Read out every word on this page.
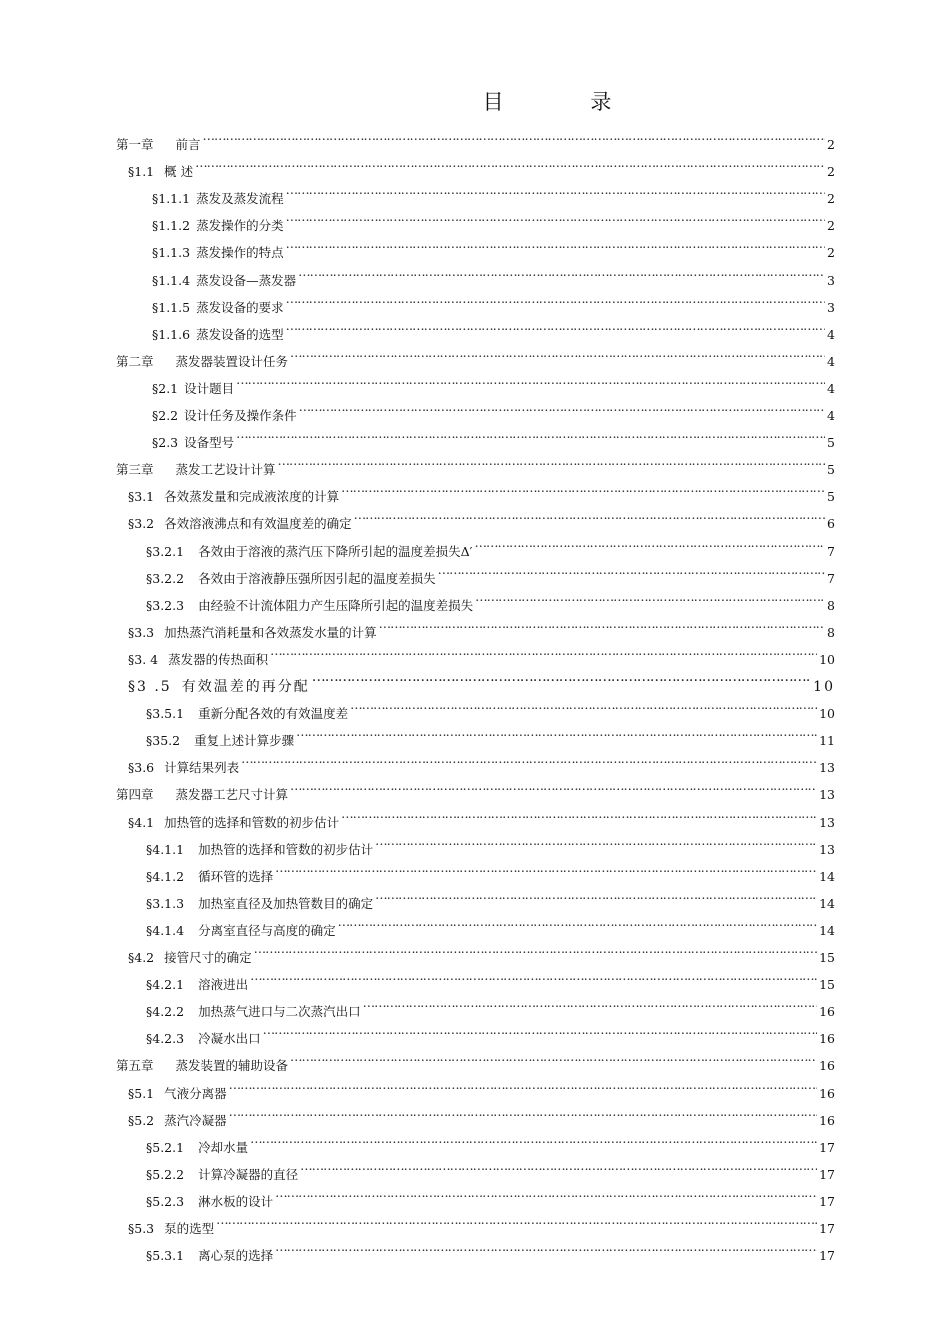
目 录
第一章 前言 ……………………………………………………………………………………………………………………………………………………………………………………………………………………………………………………………	2
§1.1 概 述 ……………………………………………………………………………………………………………………………………………………………………………………………………………………………………………………………	2
§1.1.1 蒸发及蒸发流程 ……………………………………………………………………………………………………………………………………………………………………………………………………………………………………………………………	2
§1.1.2 蒸发操作的分类 ……………………………………………………………………………………………………………………………………………………………………………………………………………………………………………………………	2
§1.1.3 蒸发操作的特点 ……………………………………………………………………………………………………………………………………………………………………………………………………………………………………………………………	2
§1.1.4 蒸发设备—蒸发器 ……………………………………………………………………………………………………………………………………………………………………………………………………………………………………………………………	3
§1.1.5 蒸发设备的要求 ……………………………………………………………………………………………………………………………………………………………………………………………………………………………………………………………	3
§1.1.6 蒸发设备的选型 ……………………………………………………………………………………………………………………………………………………………………………………………………………………………………………………………	4
第二章 蒸发器装置设计任务 ……………………………………………………………………………………………………………………………………………………………………………………………………………………………………………………………	4
§2.1 设计题目 ……………………………………………………………………………………………………………………………………………………………………………………………………………………………………………………………	4
§2.2 设计任务及操作条件 ……………………………………………………………………………………………………………………………………………………………………………………………………………………………………………………………	4
§2.3 设备型号 ……………………………………………………………………………………………………………………………………………………………………………………………………………………………………………………………	5
第三章 蒸发工艺设计计算 ……………………………………………………………………………………………………………………………………………………………………………………………………………………………………………………………	5
§3.1 各效蒸发量和完成液浓度的计算 ……………………………………………………………………………………………………………………………………………………………………………………………………………………………………………………………	5
§3.2 各效溶液沸点和有效温度差的确定 ……………………………………………………………………………………………………………………………………………………………………………………………………………………………………………………………	6
§3.2.1 各效由于溶液的蒸汽压下降所引起的温度差损失Δ′ ……………………………………………………………………………………………………………………………………………………………………………………………………………………………………………………………	7
§3.2.2 各效由于溶液静压强所因引起的温度差损失 ……………………………………………………………………………………………………………………………………………………………………………………………………………………………………………………………	7
§3.2.3 由经验不计流体阻力产生压降所引起的温度差损失 ……………………………………………………………………………………………………………………………………………………………………………………………………………………………………………………………	8
§3.3 加热蒸汽消耗量和各效蒸发水量的计算 ……………………………………………………………………………………………………………………………………………………………………………………………………………………………………………………………	8
§3. 4 蒸发器的传热面积 ……………………………………………………………………………………………………………………………………………………………………………………………………………………………………………………………	10
§3 .5 有效温差的再分配 ……………………………………………………………………………………………………………………………………………………………………………………………………………………………………………………………	10
§3.5.1 重新分配各效的有效温度差 ……………………………………………………………………………………………………………………………………………………………………………………………………………………………………………………………	10
§35.2 重复上述计算步骤 ……………………………………………………………………………………………………………………………………………………………………………………………………………………………………………………………	11
§3.6 计算结果列表 ……………………………………………………………………………………………………………………………………………………………………………………………………………………………………………………………	13
第四章 蒸发器工艺尺寸计算 ……………………………………………………………………………………………………………………………………………………………………………………………………………………………………………………………	13
§4.1 加热管的选择和管数的初步估计 ……………………………………………………………………………………………………………………………………………………………………………………………………………………………………………………………	13
§4.1.1 加热管的选择和管数的初步估计 ……………………………………………………………………………………………………………………………………………………………………………………………………………………………………………………………	13
§4.1.2 循环管的选择 ……………………………………………………………………………………………………………………………………………………………………………………………………………………………………………………………	14
§3.1.3 加热室直径及加热管数目的确定 ……………………………………………………………………………………………………………………………………………………………………………………………………………………………………………………………	14
§4.1.4 分离室直径与高度的确定 ……………………………………………………………………………………………………………………………………………………………………………………………………………………………………………………………	14
§4.2 接管尺寸的确定 ……………………………………………………………………………………………………………………………………………………………………………………………………………………………………………………………	15
§4.2.1 溶液进出 ……………………………………………………………………………………………………………………………………………………………………………………………………………………………………………………………	15
§4.2.2 加热蒸气进口与二次蒸汽出口 ……………………………………………………………………………………………………………………………………………………………………………………………………………………………………………………………	16
§4.2.3 冷凝水出口 ……………………………………………………………………………………………………………………………………………………………………………………………………………………………………………………………	16
第五章 蒸发装置的辅助设备 ……………………………………………………………………………………………………………………………………………………………………………………………………………………………………………………………	16
§5.1 气液分离器 ……………………………………………………………………………………………………………………………………………………………………………………………………………………………………………………………	16
§5.2 蒸汽冷凝器 ……………………………………………………………………………………………………………………………………………………………………………………………………………………………………………………………	16
§5.2.1 冷却水量 ……………………………………………………………………………………………………………………………………………………………………………………………………………………………………………………………	17
§5.2.2 计算冷凝器的直径 ……………………………………………………………………………………………………………………………………………………………………………………………………………………………………………………………	17
§5.2.3 淋水板的设计 ……………………………………………………………………………………………………………………………………………………………………………………………………………………………………………………………	17
§5.3 泵的选型 ……………………………………………………………………………………………………………………………………………………………………………………………………………………………………………………………	17
§5.3.1 离心泵的选择 ……………………………………………………………………………………………………………………………………………………………………………………………………………………………………………………………	17
